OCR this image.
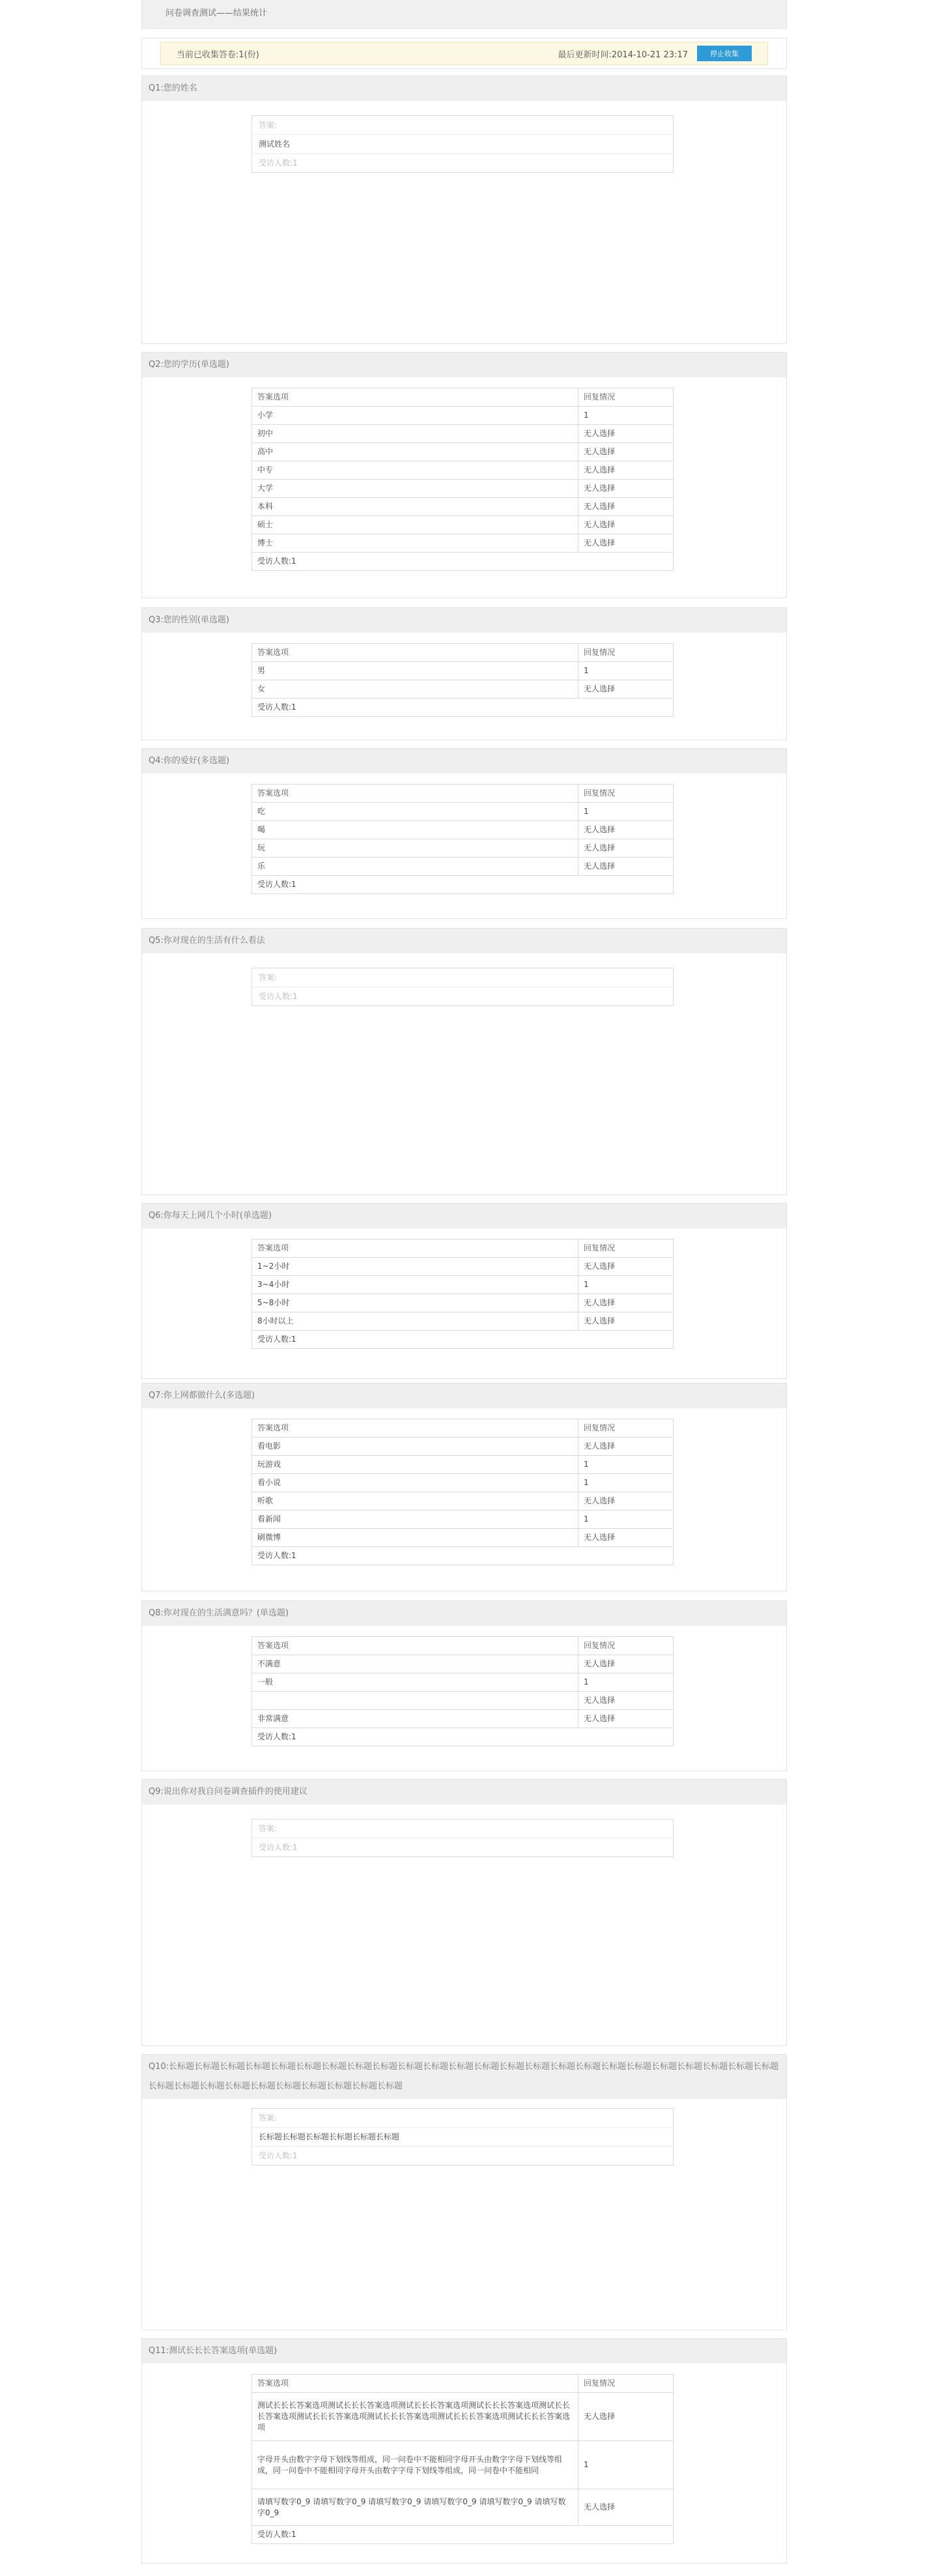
问卷调查测试——结果统计
当前已收集答卷:1(份)	最后更新时间:2014-10-21 23:17	停止收集
Q1:您的姓名
答案:
测试姓名
受访人数:1
Q2:您的学历(单选题)
答案选项	回复情况
小学	1
初中	无人选择
高中	无人选择
中专	无人选择
大学	无人选择
本科	无人选择
硕士	无人选择
博士	无人选择
受访人数:1	
Q3:您的性别(单选题)
答案选项	回复情况
男	1
女	无人选择
受访人数:1	
Q4:你的爱好(多选题)
答案选项	回复情况
吃	1
喝	无人选择
玩	无人选择
乐	无人选择
受访人数:1	
Q5:你对现在的生活有什么看法
答案:
受访人数:1
Q6:你每天上网几个小时(单选题)
答案选项	回复情况
1~2小时	无人选择
3~4小时	1
5~8小时	无人选择
8小时以上	无人选择
受访人数:1	
Q7:你上网都做什么(多选题)
答案选项	回复情况
看电影	无人选择
玩游戏	1
看小说	1
听歌	无人选择
看新闻	1
刷微博	无人选择
受访人数:1	
Q8:你对现在的生活满意吗？(单选题)
答案选项	回复情况
不满意	无人选择
一般	1
	无人选择
非常满意	无人选择
受访人数:1	
Q9:说出你对我自问卷调查插件的使用建议
答案:
受访人数:1
Q10:长标题长标题长标题长标题长标题长标题长标题长标题长标题长标题长标题长标题长标题长标题长标题长标题长标题长标题长标题长标题长标题长标题长标题长标题长标题长标题长标题长标题长标题长标题长标题长标题长标题长标题
答案:
长标题长标题长标题长标题长标题长标题
受访人数:1
Q11:测试长长长答案选项(单选题)
答案选项	回复情况
测试长长长答案选项测试长长长答案选项测试长长长答案选项测试长长长答案选项测试长长长答案选项测试长长长答案选项测试长长长答案选项测试长长长答案选项测试长长长答案选项	无人选择
字母开头由数字字母下划线等组成，同一问卷中不能相同字母开头由数字字母下划线等组成，同一问卷中不能相同字母开头由数字字母下划线等组成，同一问卷中不能相同	1
请填写数字0_9 请填写数字0_9 请填写数字0_9 请填写数字0_9 请填写数字0_9 请填写数字0_9	无人选择
受访人数:1	
